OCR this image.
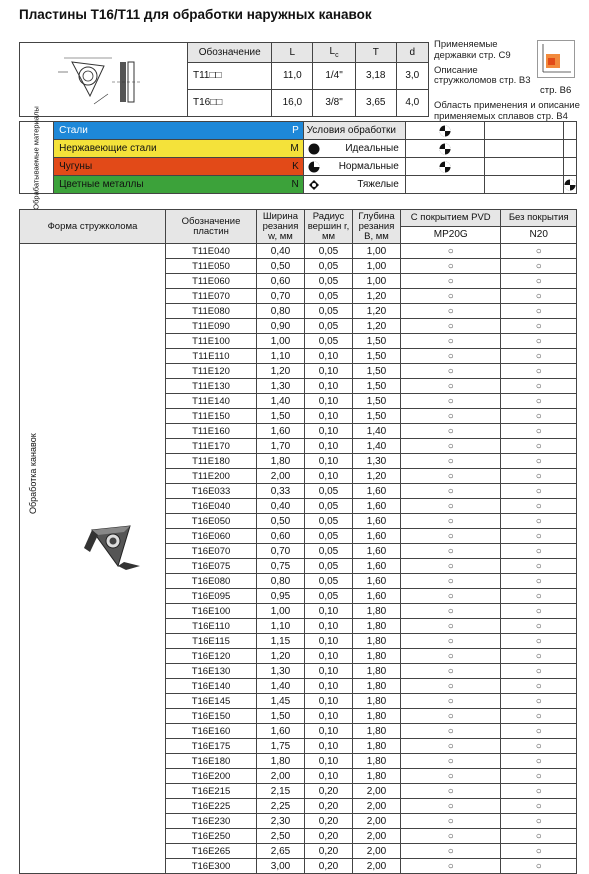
Пластины T16/T11 для обработки наружных канавок
	Обозначение	L	$L_c$	T	d
	T11□□	11,0	1/4"	3,18	3,0
	T16□□	16,0	3/8"	3,65	4,0
Применяемые
державки стр. C9
Описание
стружколомов стр. B3
Область применения и описание
применяемых сплавов стр. B4
стр. B6
Обрабатываемые материалы	Стали	P	Условия обработки			
	Нержавеющие стали	M	Идеальные			
	Чугуны	K	Нормальные			
	Цветные металлы	N	Тяжелые			
Форма стружколома	Обозначение пластин	Ширина резания w, мм	Радиус вершин r, мм	Глубина резания B, мм	С покрытием PVD	Без покрытия
					MP20G	N20

Обработка канавок	T11E040	0,40	0,05	1,00	○	○
	T11E050	0,50	0,05	1,00	○	○
	T11E060	0,60	0,05	1,00	○	○
	T11E070	0,70	0,05	1,20	○	○
	T11E080	0,80	0,05	1,20	○	○
	T11E090	0,90	0,05	1,20	○	○
	T11E100	1,00	0,05	1,50	○	○
	T11E110	1,10	0,10	1,50	○	○
	T11E120	1,20	0,10	1,50	○	○
	T11E130	1,30	0,10	1,50	○	○
	T11E140	1,40	0,10	1,50	○	○
	T11E150	1,50	0,10	1,50	○	○
	T11E160	1,60	0,10	1,40	○	○
	T11E170	1,70	0,10	1,40	○	○
	T11E180	1,80	0,10	1,30	○	○
	T11E200	2,00	0,10	1,20	○	○
	T16E033	0,33	0,05	1,60	○	○
	T16E040	0,40	0,05	1,60	○	○
	T16E050	0,50	0,05	1,60	○	○
	T16E060	0,60	0,05	1,60	○	○
	T16E070	0,70	0,05	1,60	○	○
	T16E075	0,75	0,05	1,60	○	○
	T16E080	0,80	0,05	1,60	○	○
	T16E095	0,95	0,05	1,60	○	○
	T16E100	1,00	0,10	1,80	○	○
	T16E110	1,10	0,10	1,80	○	○
	T16E115	1,15	0,10	1,80	○	○
	T16E120	1,20	0,10	1,80	○	○
	T16E130	1,30	0,10	1,80	○	○
	T16E140	1,40	0,10	1,80	○	○
	T16E145	1,45	0,10	1,80	○	○
	T16E150	1,50	0,10	1,80	○	○
	T16E160	1,60	0,10	1,80	○	○
	T16E175	1,75	0,10	1,80	○	○
	T16E180	1,80	0,10	1,80	○	○
	T16E200	2,00	0,10	1,80	○	○
	T16E215	2,15	0,20	2,00	○	○
	T16E225	2,25	0,20	2,00	○	○
	T16E230	2,30	0,20	2,00	○	○
	T16E250	2,50	0,20	2,00	○	○
	T16E265	2,65	0,20	2,00	○	○
	T16E300	3,00	0,20	2,00	○	○
